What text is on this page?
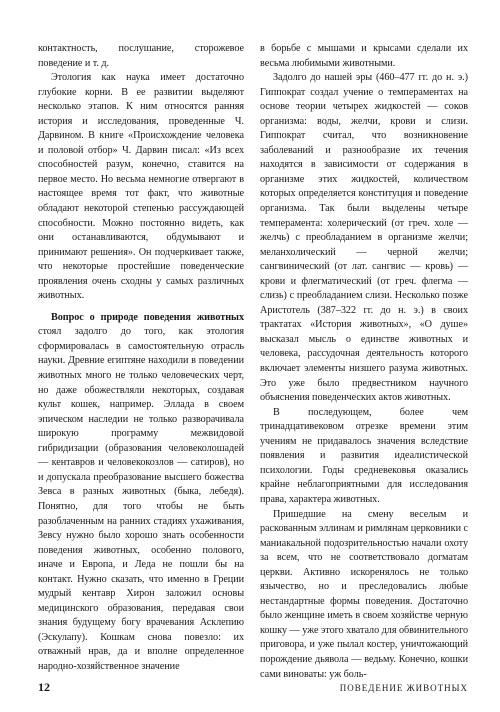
контактность, послушание, сторожевое поведение и т. д.

Этология как наука имеет достаточно глубокие корни. В ее развитии выделяют несколько этапов. К ним относятся ранняя история и исследования, проведенные Ч. Дарвином. В книге «Происхождение человека и половой отбор» Ч. Дарвин писал: «Из всех способностей разум, конечно, ставится на первое место. Но весьма немногие отвергают в настоящее время тот факт, что животные обладают некоторой степенью рассуждающей способности. Можно постоянно видеть, как они останавливаются, обдумывают и принимают решения». Он подчеркивает также, что некоторые простейшие поведенческие проявления очень сходны у самых различных животных.

Вопрос о природе поведения животных стоял задолго до того, как этология сформировалась в самостоятельную отрасль науки. Древние египтяне находили в поведении животных много не только человеческих черт, но даже обожествляли некоторых, создавая культ кошек, например. Эллада в своем эпическом наследии не только разворачивала широкую программу межвидовой гибридизации (образования человеколошадей — кентавров и человекокозлов — сатиров), но и допускала преобразование высшего божества Зевса в разных животных (быка, лебедя). Понятно, для того чтобы не быть разоблаченным на ранних стадиях ухаживания, Зевсу нужно было хорошо знать особенности поведения животных, особенно полового, иначе и Европа, и Леда не пошли бы на контакт. Нужно сказать, что именно в Греции мудрый кентавр Хирон заложил основы медицинского образования, передавая свои знания будущему богу врачевания Асклепию (Эскулапу). Кошкам снова повезло: их отважный нрав, да и вполне определенное народно-хозяйственное значение

в борьбе с мышами и крысами сделали их весьма любимыми животными.

Задолго до нашей эры (460–477 гг. до н. э.) Гиппократ создал учение о темпераментах на основе теории четырех жидкостей — соков организма: воды, желчи, крови и слизи. Гиппократ считал, что возникновение заболеваний и разнообразие их течения находятся в зависимости от содержания в организме этих жидкостей, количеством которых определяется конституция и поведение организма. Так были выделены четыре темперамента: холерический (от греч. холе — желчь) с преобладанием в организме желчи; меланхолический — черной желчи; сангвинический (от лат. сангвис — кровь) — крови и флегматический (от греч. флегма — слизь) с преобладанием слизи. Несколько позже Аристотель (387–322 гг. до н. э.) в своих трактатах «История животных», «О душе» высказал мысль о единстве животных и человека, рассудочная деятельность которого включает элементы низшего разума животных. Это уже было предвестником научного объяснения поведенческих актов животных.

В последующем, более чем тринадцативековом отрезке времени этим учениям не придавалось значения вследствие появления и развития идеалистической психологии. Годы средневековья оказались крайне неблагоприятными для исследования права, характера животных.

Пришедшие на смену веселым и раскованным эллинам и римлянам церковники с маниакальной подозрительностью начали охоту за всем, что не соответствовало догматам церкви. Активно искоренялось не только язычество, но и преследовались любые нестандартные формы поведения. Достаточно было женщине иметь в своем хозяйстве черную кошку — уже этого хватало для обвинительного приговора, и уже пылал костер, уничтожающий порождение дьявола — ведьму. Конечно, кошки сами виноваты: уж боль-

12	ПОВЕДЕНИЕ ЖИВОТНЫХ
